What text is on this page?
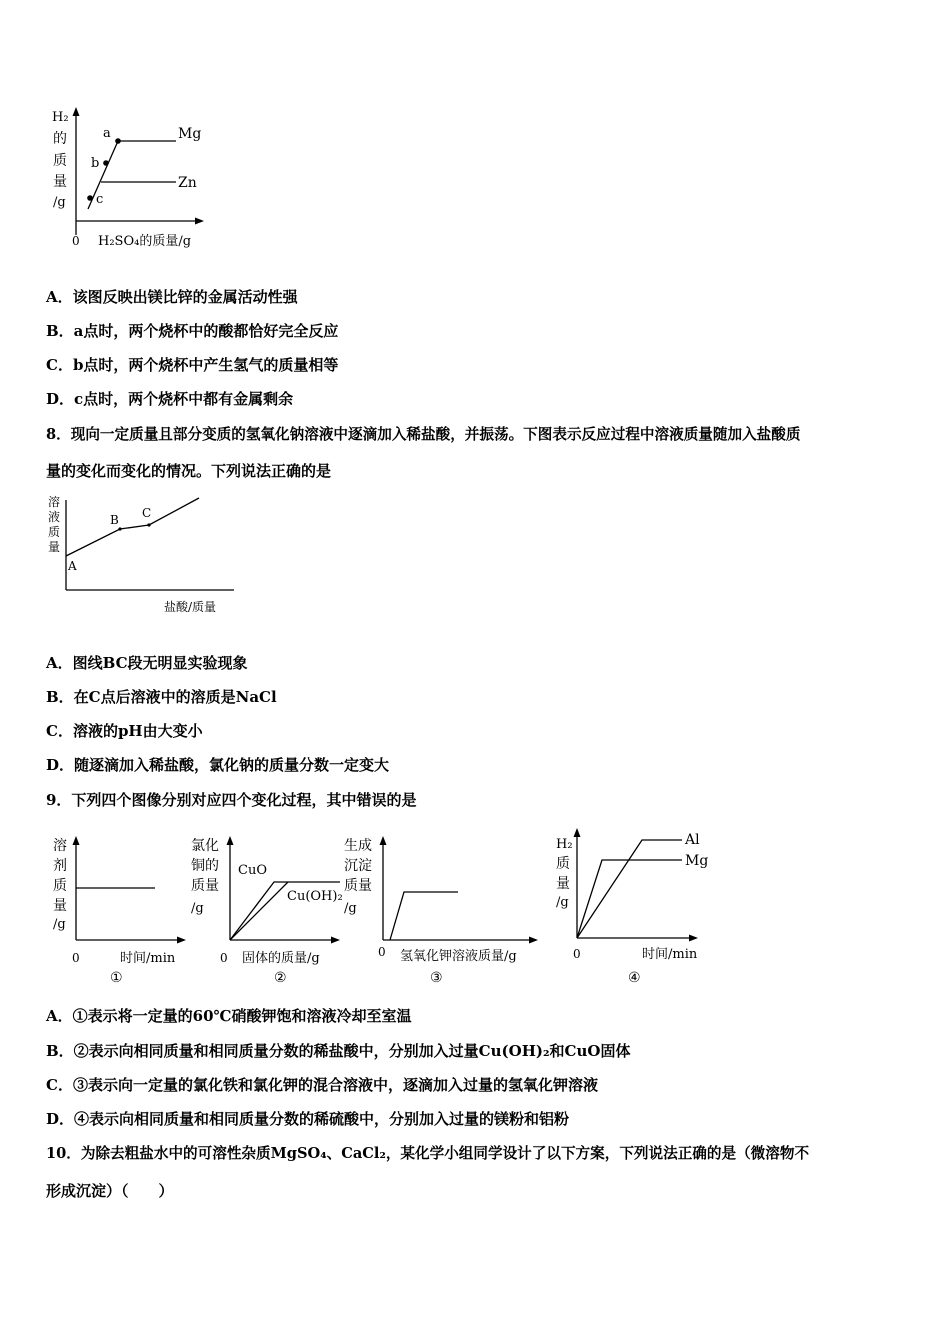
H₂
的
质
量
/g
0 H₂SO₄的质量/g
a
b
c
Mg
Zn
A．该图反映出镁比锌的金属活动性强
B．a点时，两个烧杯中的酸都恰好完全反应
C．b点时，两个烧杯中产生氢气的质量相等
D．c点时，两个烧杯中都有金属剩余
8．现向一定质量且部分变质的氢氧化钠溶液中逐滴加入稀盐酸，并振荡。下图表示反应过程中溶液质量随加入盐酸质
量的变化而变化的情况。下列说法正确的是
溶
液
质
量
A
B C
盐酸/质量
A．图线BC段无明显实验现象
B．在C点后溶液中的溶质是NaCl
C．溶液的pH由大变小
D．随逐滴加入稀盐酸，氯化钠的质量分数一定变大
9．下列四个图像分别对应四个变化过程，其中错误的是
溶
剂
质
量
/g
0	时间/min
①
氯化
铜的
质量
/g
CuO
Cu(OH)₂
0 固体的质量/g
②
生成
沉淀
质量
/g
0 氢氧化钾溶液质量/g
③
H₂
质
量
/g
Al
Mg
0	时间/min
④
A．①表示将一定量的60℃硝酸钾饱和溶液冷却至室温
B．②表示向相同质量和相同质量分数的稀盐酸中，分别加入过量Cu(OH)₂和CuO固体
C．③表示向一定量的氯化铁和氯化钾的混合溶液中，逐滴加入过量的氢氧化钾溶液
D．④表示向相同质量和相同质量分数的稀硫酸中，分别加入过量的镁粉和铝粉
10．为除去粗盐水中的可溶性杂质MgSO₄、CaCl₂，某化学小组同学设计了以下方案，下列说法正确的是（微溶物不
形成沉淀）（　　）
